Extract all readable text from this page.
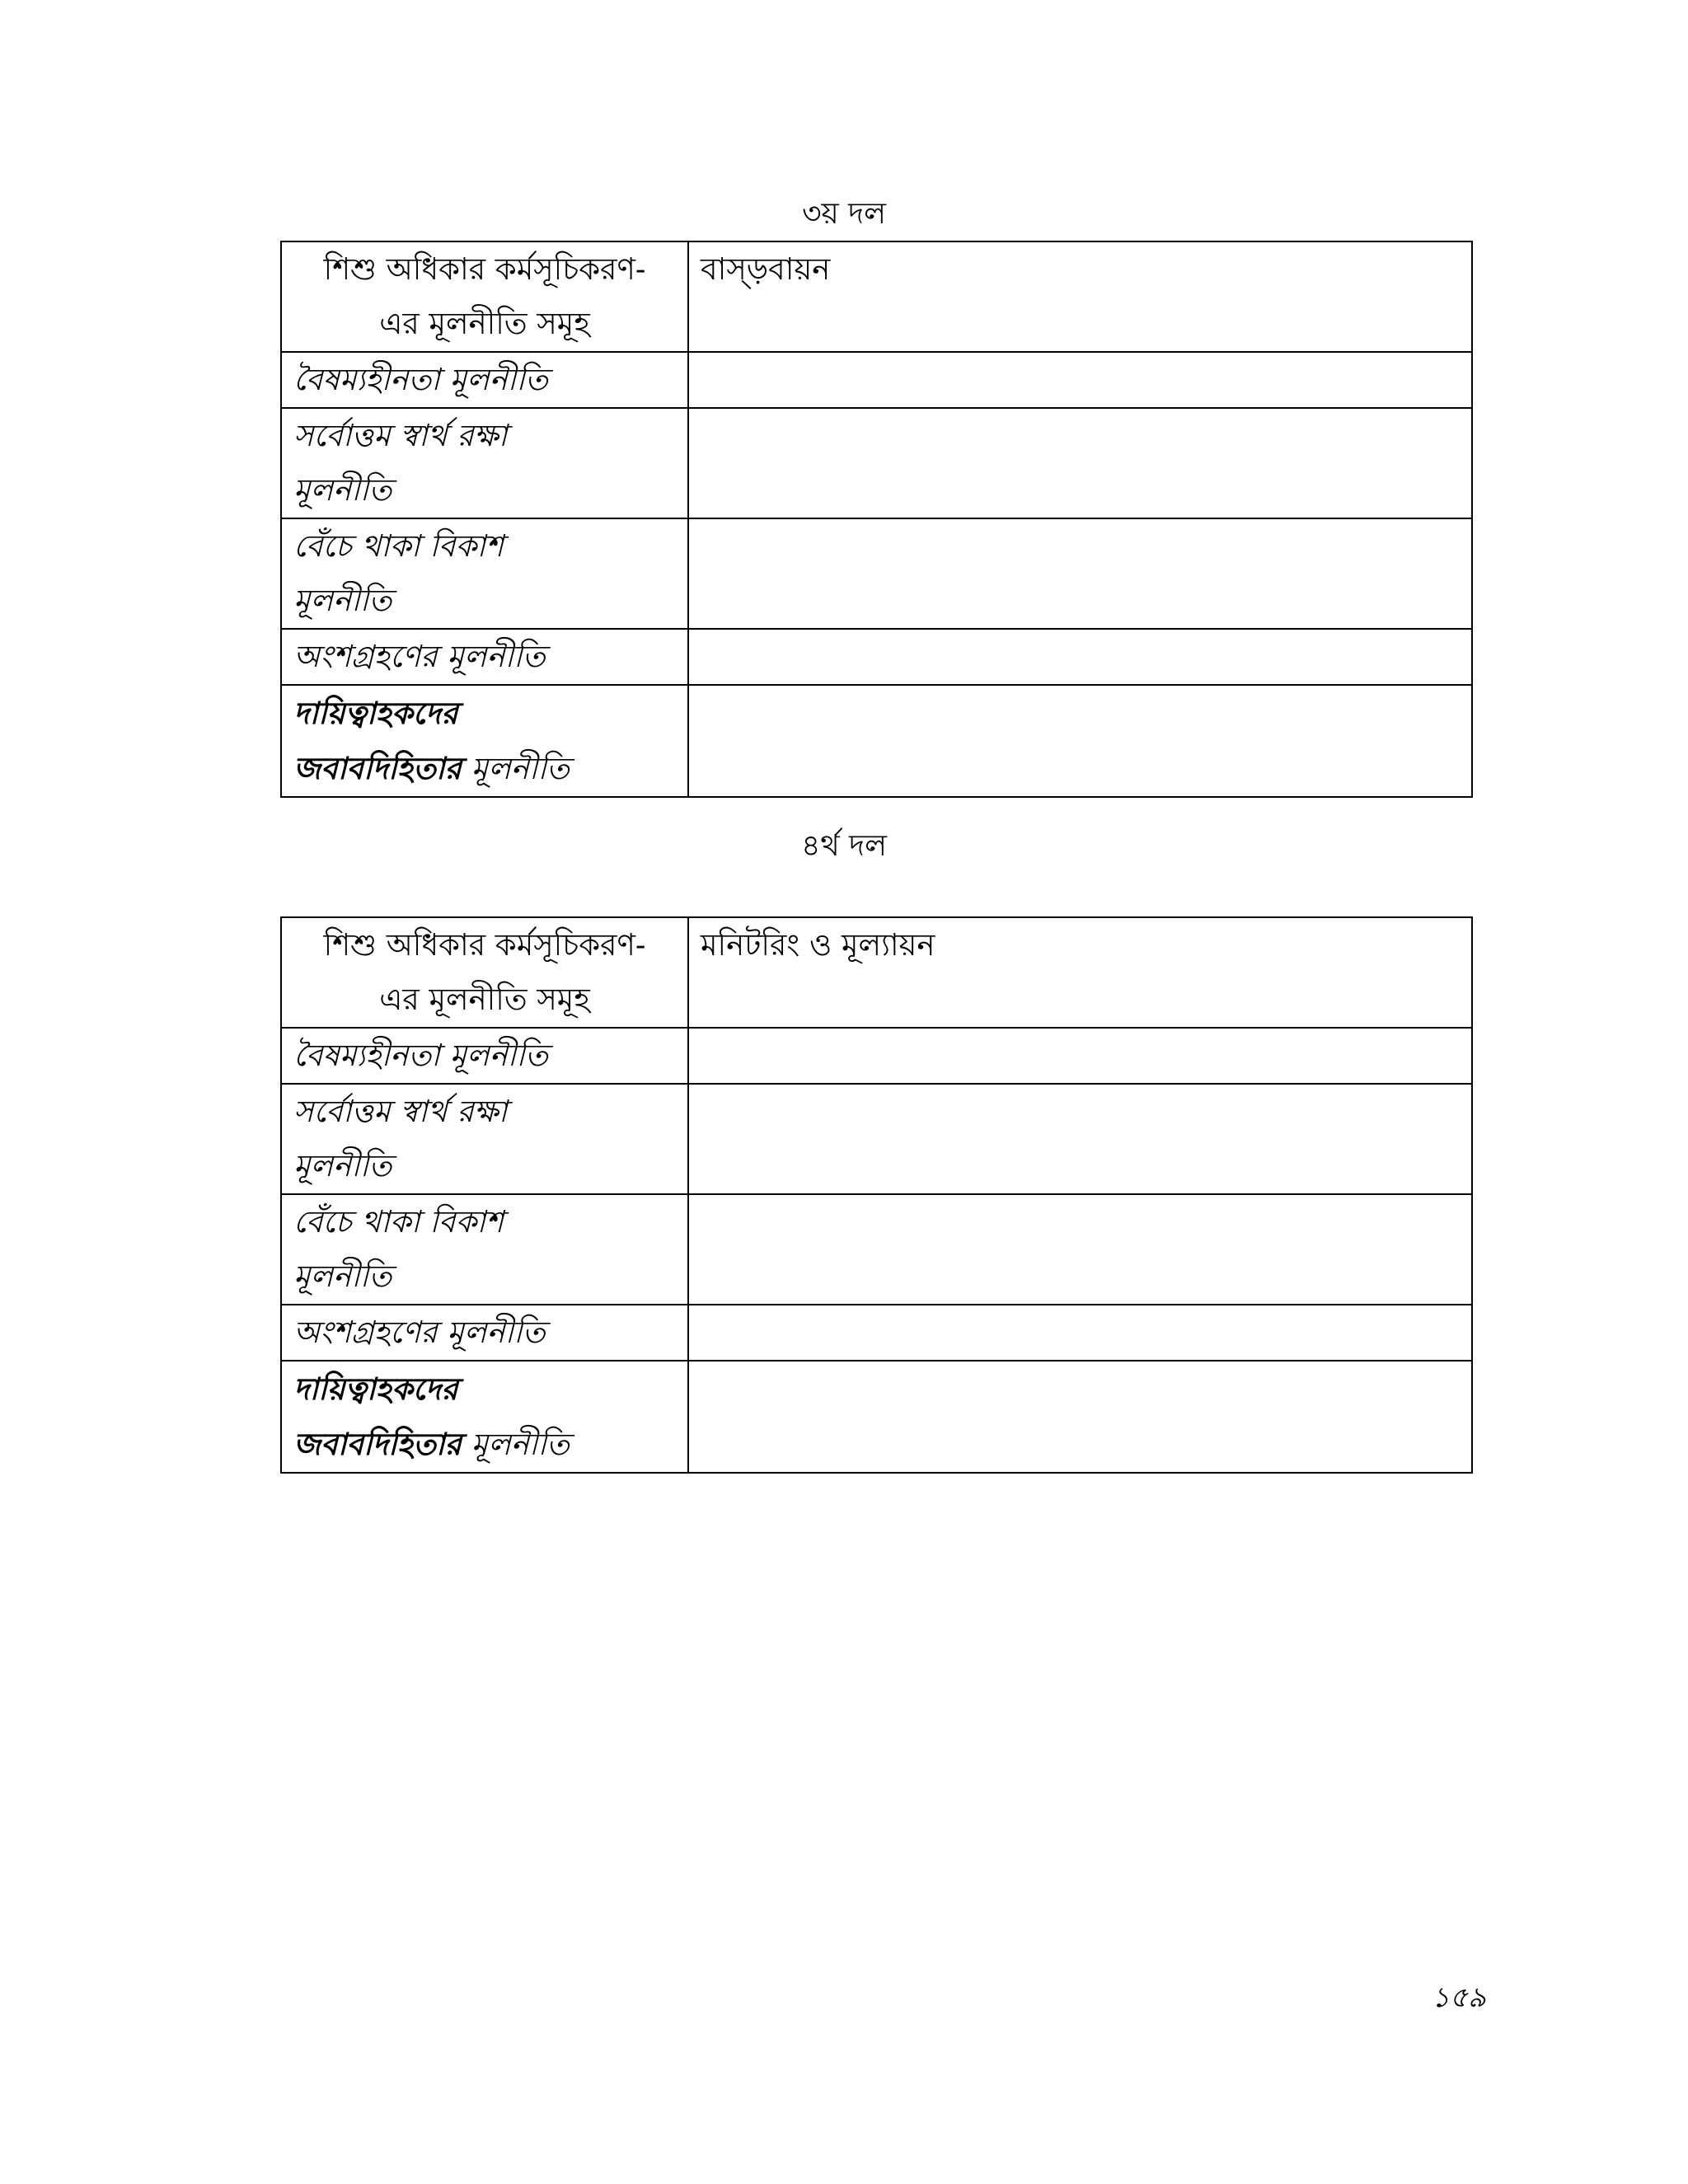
৩য় দল
শিশু অধিকার কর্মসূচিকরণ-
এর মূলনীতি সমূহ	বাস্ড়বায়ন
বৈষম্যহীনতা মূলনীতি	
সর্বোত্তম স্বার্থ রক্ষা
মূলনীতি	
বেঁচে থাকা বিকাশ
মূলনীতি	
অংশগ্রহণের মূলনীতি	
দায়িত্বাহকদের
জবাবদিহিতার মূলনীতি	
৪র্থ দল
শিশু অধিকার কর্মসূচিকরণ-
এর মূলনীতি সমূহ	মনিটরিং ও মূল্যায়ন
বৈষম্যহীনতা মূলনীতি	
সর্বোত্তম স্বার্থ রক্ষা
মূলনীতি	
বেঁচে থাকা বিকাশ
মূলনীতি	
অংশগ্রহণের মূলনীতি	
দায়িত্বাহকদের
জবাবদিহিতার মূলনীতি	
১৫৯
